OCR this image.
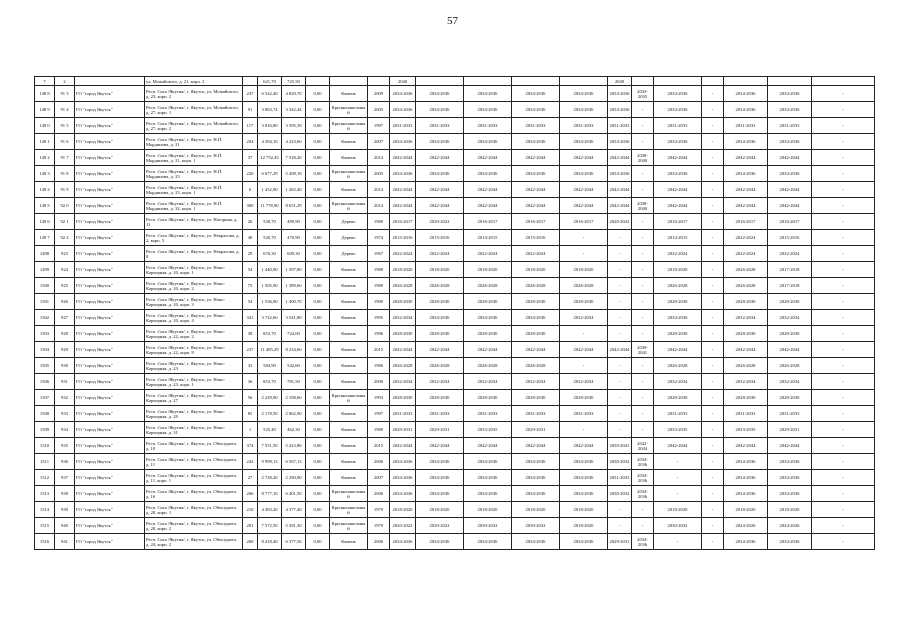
57
7	2		ул. Можайского, д. 21, корп. 2		621,70	725,50				2040					2040						
148 8	91 3	ГО "город Якутск"	Респ. Саха /Якутия/, г. Якутск, ул. Можайского, д. 23, корп. 2	247	6 542,40	4 829,70	0,00	Камень	2009	2034-2036	2034-2036	2034-2036	2034-2036	2034-2036	2034-2036	2033-2035	2034-2036	-	2034-2036	2034-2036	-
148 9	91 4	ГО "город Якутск"	Респ. Саха /Якутия/, г. Якутск, ул. Можайского, д. 27, корп. 1	91	3 863,74	3 342,44	0,00	Крупнопанельный	2005	2034-2036	2034-2036	2034-2036	2034-2036	2034-2036	2034-2036	-	2034-2036	-	2034-2036	2034-2036	-
149 0	91 5	ГО "город Якутск"	Респ. Саха /Якутия/, г. Якутск, ул. Можайского, д. 27, корп. 2	117	3 816,80	3 395,39	0,00	Крупнопанельный	1997	2031-2033	2031-2033	2031-2033	2031-2033	2031-2033	2031-2033	-	2031-2033	-	2031-2033	2031-2033	-
149 1	91 6	ГО "город Якутск"	Респ. Саха /Якутия/, г. Якутск, ул. Н.П. Мординова, д. 21	204	4 394,10	4 223,60	0,00	Камень	2007	2034-2036	2034-2036	2034-2036	2034-2036	2034-2036	2034-2036	-	2034-2036	-	2034-2036	2034-2036	-
149 2	91 7	ГО "город Якутск"	Респ. Саха /Якутия/, г. Якутск, ул. Н.П. Мординова, д. 21, корп. 1	37	12 752,45	7 528,20	0,00	Камень	2014	2042-2044	2042-2044	2042-2044	2042-2044	2042-2044	2042-2044	2038-2040	2042-2044	-	2042-2044	2042-2044	-
149 3	91 8	ГО "город Якутск"	Респ. Саха /Якутия/, г. Якутск, ул. Н.П. Мординова, д. 23	220	6 677,29	5 408,19	0,00	Крупнопанельный	2005	2034-2036	2034-2036	2034-2036	2034-2036	2034-2036	2034-2036	-	2034-2036	-	2034-2036	2034-2036	-
149 4	91 9	ГО "город Якутск"	Респ. Саха /Якутия/, г. Якутск, ул. Н.П. Мординова, д. 23, корп. 1	6	1 452,00	1 265,40	0,00	Камень	2014	2042-2044	2042-2044	2042-2044	2042-2044	2042-2044	2042-2044	-	2042-2044	-	2042-2044	2042-2044	-
149 5	92 0	ГО "город Якутск"	Респ. Саха /Якутия/, г. Якутск, ул. Н.П. Мординова, д. 32, корп. 1	300	11 778,90	8 651,29	0,00	Крупнопанельный	2014	2042-2044	2042-2044	2042-2044	2042-2044	2042-2044	2042-2044	2038-2040	2042-2044	-	2042-2044	2042-2044	-
149 6	92 1	ГО "город Якутск"	Респ. Саха /Якутия/, г. Якутск, ул. Нагорная, д. 11	26	538,70	499,90	0,00	Дерево	1980	2016-2017	2020-2022	2016-2017	2016-2017	2016-2017	2020-2022	-	2016-2017	-	2016-2017	2016-2017	-
149 7	92 2	ГО "город Якутск"	Респ. Саха /Якутия/, г. Якутск, ул. Некрасова, д. 2, корп. 5	40	520,70	470,90	0,00	Дерево	1974	2015-2016	2015-2016	2014-2015	2015-2016	-	-	-	2014-2015	-	2022-2024	2015-2016	-
1498	923	ГО "город Якутск"	Респ. Саха /Якутия/, г. Якутск, ул. Некрасова, д. 8	29	676,30	609,30	0,00	Дерево	1967	2022-2024	2022-2024	2022-2024	2022-2024	-	-	-	2022-2024	-	2022-2024	2022-2024	-
1499	924	ГО "город Якутск"	Респ. Саха /Якутия/, г. Якутск, ул. Ново-Карьерная, д. 20, корп. 1	54	1 440,00	1 397,80	0,00	Камень	1988	2018-2020	2018-2020	2018-2020	2018-2020	2018-2020	-	-	2018-2020	-	2026-2028	2017-2018	-
1500	925	ГО "город Якутск"	Респ. Саха /Якутия/, г. Якутск, ул. Ново-Карьерная, д. 20, корп. 2	75	1 505,90	1 389,60	0,00	Камень	1989	2026-2028	2026-2028	2026-2028	2026-2028	2026-2028	-	-	2026-2028	-	2026-2028	2017-2018	-
1501	926	ГО "город Якутск"	Респ. Саха /Якутия/, г. Якутск, ул. Ново-Карьерная, д. 20, корп. 3	54	1 536,00	1 400,70	0,00	Камень	1990	2028-2030	2028-2030	2028-2030	2028-2030	2028-2030	-	-	2028-2030	-	2028-2030	2028-2030	-
1502	927	ГО "город Якутск"	Респ. Саха /Якутия/, г. Якутск, ул. Ново-Карьерная, д. 20, корп. 4	341	3 722,60	3 541,80	0,00	Камень	1995	2032-2034	2034-2036	2034-2036	2034-2036	2032-2034	-	-	2034-2036	-	2032-2034	2032-2034	-
1503	928	ГО "город Якутск"	Респ. Саха /Якутия/, г. Якутск, ул. Ново-Карьерная, д. 22, корп. 2	38	853,70	724,00	0,00	Камень	1996	2028-2030	2028-2030	2028-2030	2028-2030	-	-	-	2028-2030	-	2028-2030	2028-2030	-
1504	929	ГО "город Якутск"	Респ. Саха /Якутия/, г. Якутск, ул. Ново-Карьерная, д. 22, корп. 9	237	11 485,29	8 234,60	0,00	Камень	2015	2042-2044	2042-2044	2042-2044	2042-2044	2042-2044	2042-2044	2039-2041	2042-2044	-	2042-2044	2042-2044	-
1505	930	ГО "город Якутск"	Респ. Саха /Якутия/, г. Якутск, ул. Ново-Карьерная, д. 23	33	584,90	542,60	0,00	Камень	1986	2026-2028	2026-2028	2026-2028	2026-2028	-	-	-	2026-2028	-	2026-2028	2026-2028	-
1506	931	ГО "город Якутск"	Респ. Саха /Якутия/, г. Якутск, ул. Ново-Карьерная, д. 23, корп. 1	36	853,70	781,50	0,00	Камень	2000	2032-2034	2032-2034	2032-2034	2032-2034	2032-2034	-	-	2032-2034	-	2032-2034	2032-2034	-
1507	932	ГО "город Якутск"	Респ. Саха /Якутия/, г. Якутск, ул. Ново-Карьерная, д. 27	56	2 229,00	2 108,60	0,00	Крупнопанельный	1993	2028-2030	2028-2030	2028-2030	2028-2030	2028-2030	-	-	2028-2030	-	2028-2030	2028-2030	-
1508	933	ГО "город Якутск"	Респ. Саха /Якутия/, г. Якутск, ул. Ново-Карьерная, д. 29	85	2 178,50	2 062,90	0,00	Камень	1997	2031-2033	2031-2033	2031-2033	2031-2033	2031-2033	-	-	2031-2033	-	2031-2033	2031-2033	-
1509	934	ГО "город Якутск"	Респ. Саха /Якутия/, г. Якутск, ул. Ново-Карьерная, д. 31	1	525,40	462,30	0,00	Камень	1989	2029-2031	2029-2031	2033-2035	2029-2031	-	-	-	2033-2035	-	2033-2035	2029-2031	-
1510	935	ГО "город Якутск"	Респ. Саха /Якутия/, г. Якутск, ул. Объездного, д. 10	374	7 551,50	5 423,86	0,00	Камень	2015	2042-2044	2042-2044	2042-2044	2042-2044	2042-2044	2039-2041	2042-2044	2042-2044	-	2042-2044	2042-2044	-
1511	936	ГО "город Якутск"	Респ. Саха /Якутия/, г. Якутск, ул. Объездного, д. 11	242	9 999,13	6 567,13	0,00	Камень	2006	2034-2036	2034-2036	2034-2036	2034-2036	2034-2036	2030-2032	2034-2036	-	-	2034-2036	2034-2036	-
1512	937	ГО "город Якутск"	Респ. Саха /Якутия/, г. Якутск, ул. Объездного, д. 11, корп. 1	27	2 728,20	2 290,00	0,00	Камень	2007	2034-2036	2034-2036	2034-2036	2034-2036	2034-2036	2031-2033	2034-2036	-	-	2034-2036	2034-2036	-
1513	938	ГО "город Якутск"	Респ. Саха /Якутия/, г. Якутск, ул. Объездного, д. 16	266	8 777,10	6 401,50	0,00	Крупнопанельный	2006	2034-2036	2034-2036	2034-2036	2034-2036	2034-2036	2030-2032	2034-2036	-	-	2034-2036	2034-2036	-
1514	939	ГО "город Якутск"	Респ. Саха /Якутия/, г. Якутск, ул. Объездного, д. 20, корп. 1	210	4 493,20	4 377,40	0,00	Крупнопанельный	1979	2018-2020	2018-2020	2018-2020	2018-2020	2018-2020	-	-	2018-2020	-	2018-2020	2018-2020	-
1515	940	ГО "город Якутск"	Респ. Саха /Якутия/, г. Якутск, ул. Объездного, д. 20, корп. 2	281	7 572,50	5 391,30	0,00	Крупнопанельный	1979	2020-2022	2020-2022	2030-2032	2030-2032	2018-2020	-	-	2030-2032	-	2024-2026	2024-2026	-
1516	941	ГО "город Якутск"	Респ. Саха /Якутия/, г. Якутск, ул. Объездного, д. 24, корп. 2	268	8 418,40	6 377,56	0,00	Камень	2006	2034-2036	2034-2036	2034-2036	2034-2036	2034-2036	2029-2031	2034-2036	-	-	2034-2036	2034-2036	-
